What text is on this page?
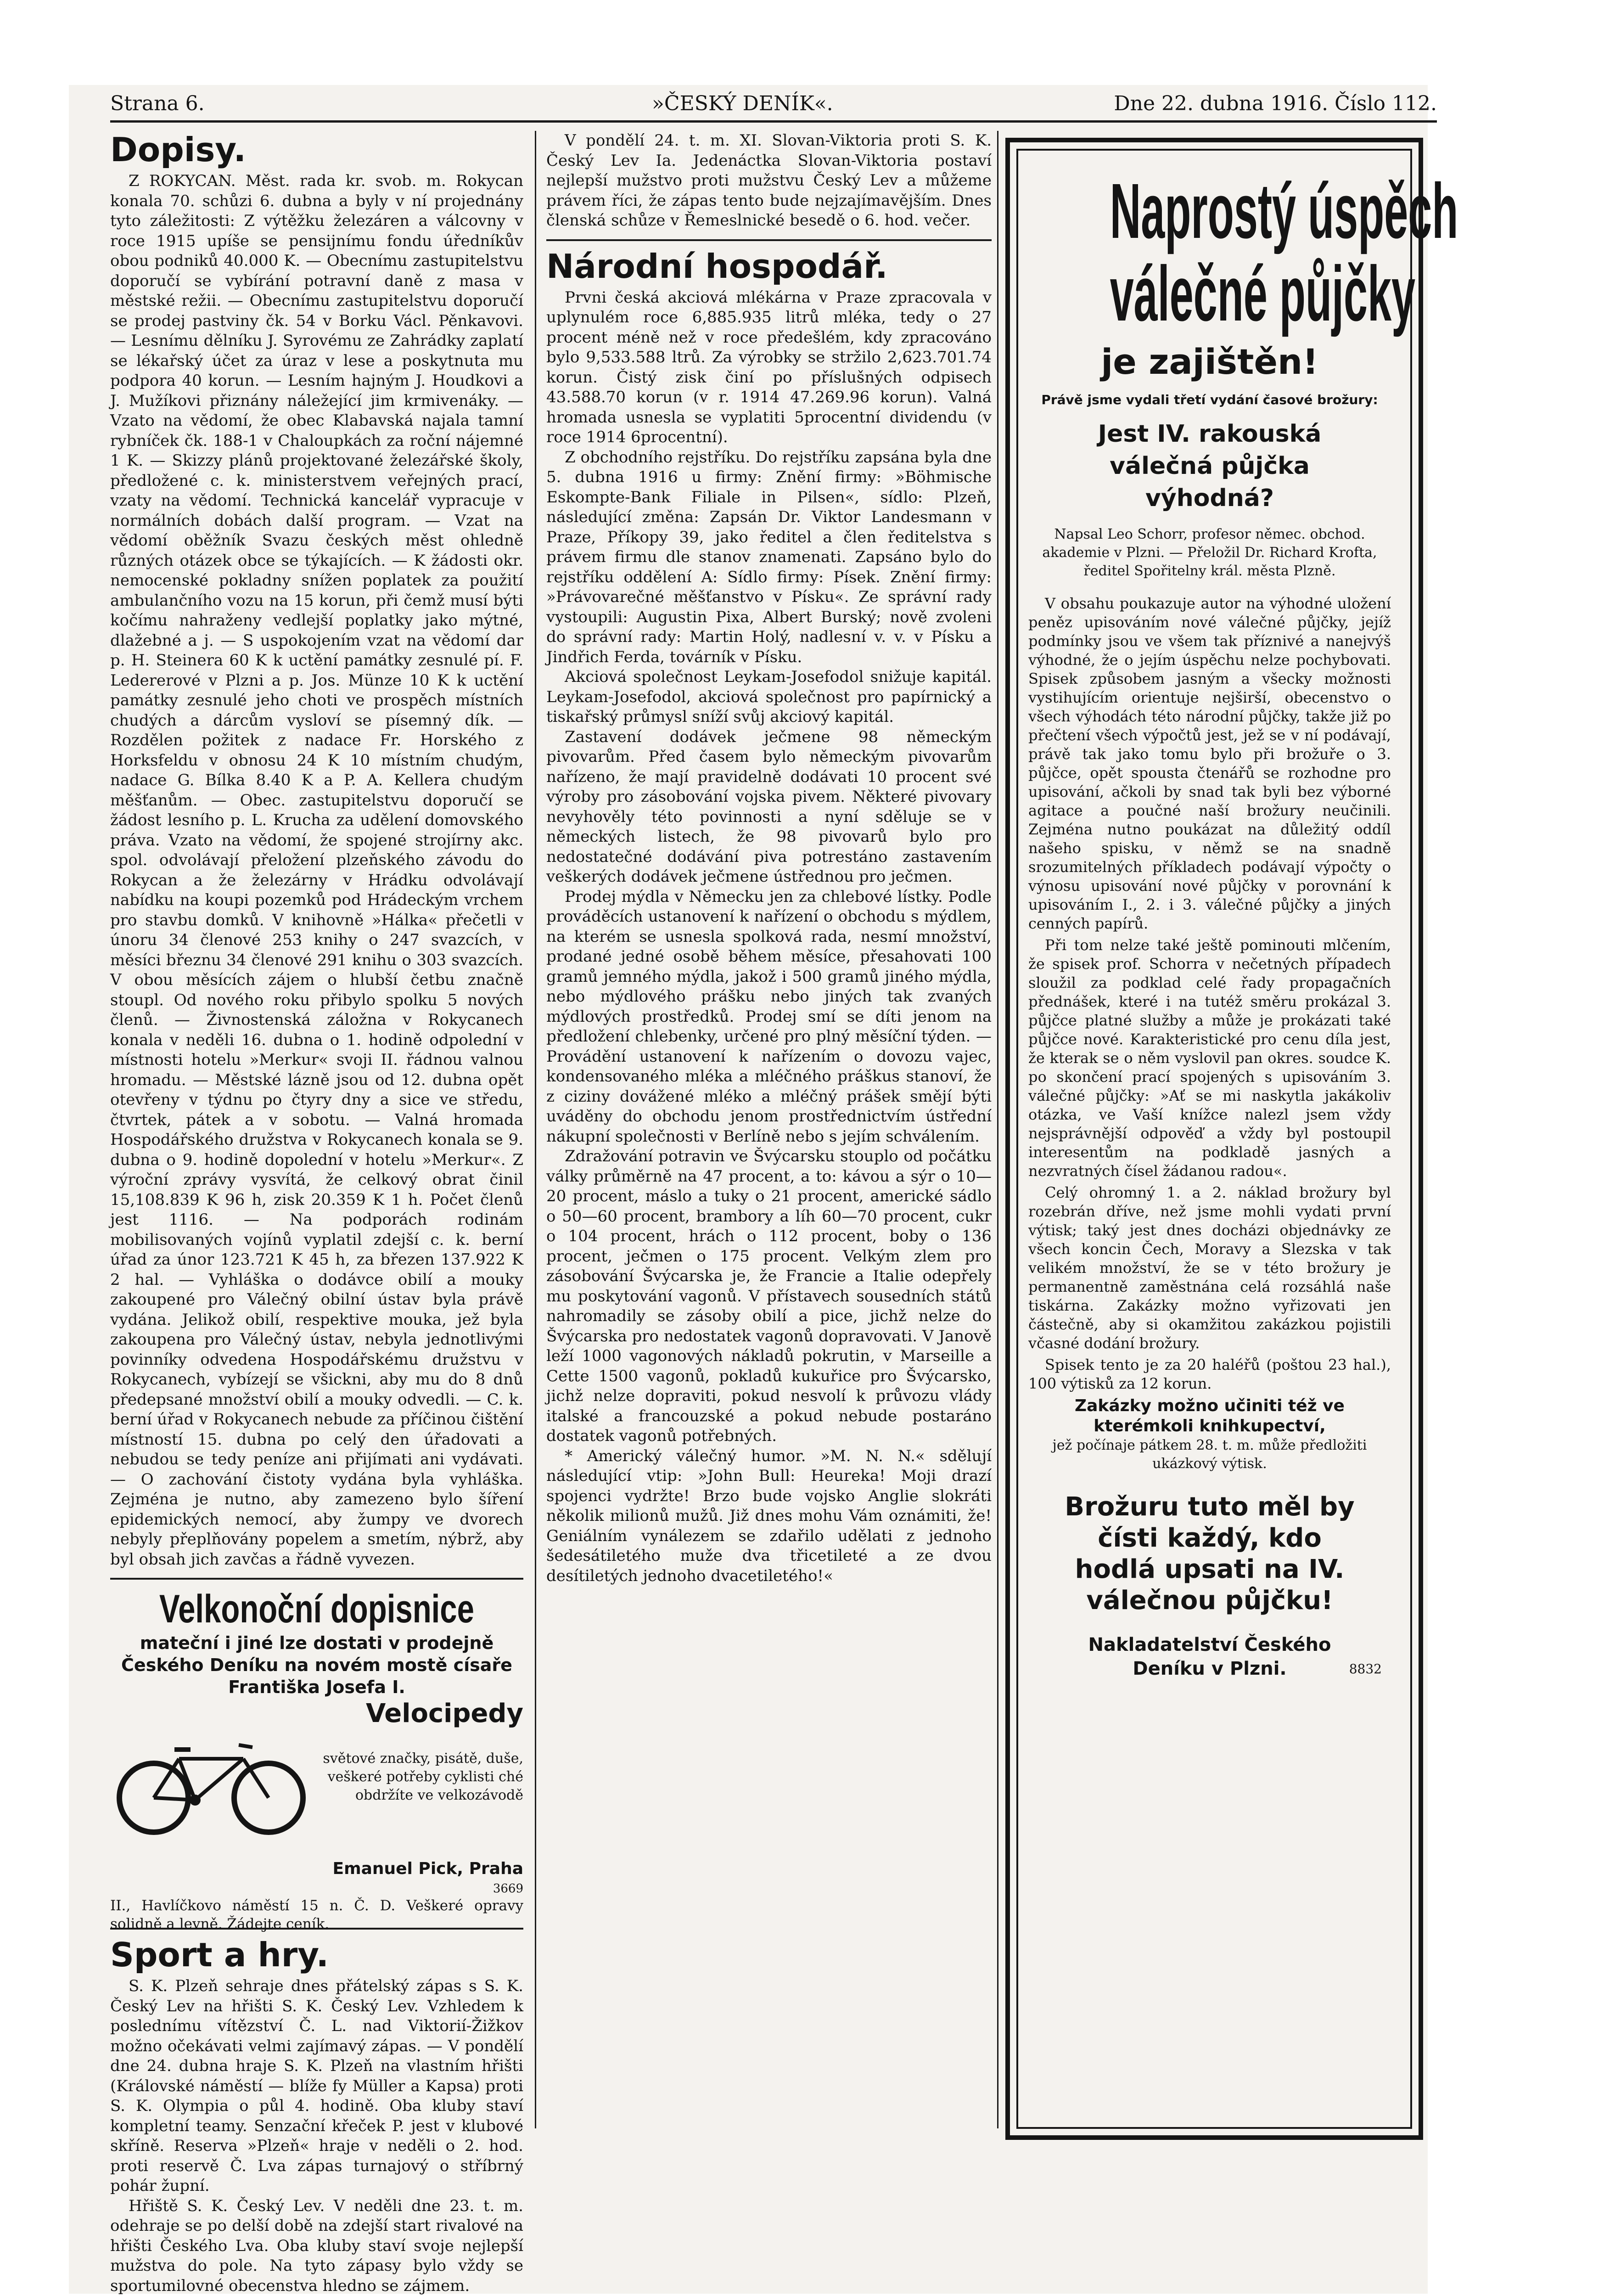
Strana 6.	»ČESKÝ DENÍK«.	Dne 22. dubna 1916. Číslo 112.
Dopisy.

Z ROKYCAN. Měst. rada kr. svob. m. Rokycan konala 70. schůzi 6. dubna a byly v ní projednány tyto záležitosti: Z výtěžku železáren a válcovny v roce 1915 upíše se pensijnímu fondu úředníkův obou podniků 40.000 K. — Obecnímu zastupitelstvu doporučí se vybírání potravní daně z masa v městské režii. — Obecnímu zastupitelstvu doporučí se prodej pastviny čk. 54 v Borku Václ. Pěnkavovi. — Lesnímu dělníku J. Syrovému ze Zahrádky zaplatí se lékařský účet za úraz v lese a poskytnuta mu podpora 40 korun. — Lesním hajným J. Houdkovi a J. Mužíkovi přiznány náležející jim krmivenáky. — Vzato na vědomí, že obec Klabavská najala tamní rybníček čk. 188-1 v Chaloupkách za roční nájemné 1 K. — Skizzy plánů projektované železářské školy, předložené c. k. ministerstvem veřejných prací, vzaty na vědomí. Technická kancelář vypracuje v normálních dobách další program. — Vzat na vědomí oběžník Svazu českých měst ohledně různých otázek obce se týkajících. — K žádosti okr. nemocenské pokladny snížen poplatek za použití ambulančního vozu na 15 korun, při čemž musí býti kočímu nahraženy vedlejší poplatky jako mýtné, dlažebné a j. — S uspokojením vzat na vědomí dar p. H. Steinera 60 K k uctění památky zesnulé pí. F. Ledererové v Plzni a p. Jos. Münze 10 K k uctění památky zesnulé jeho choti ve prospěch místních chudých a dárcům vysloví se písemný dík. — Rozdělen požitek z nadace Fr. Horského z Horksfeldu v obnosu 24 K 10 místním chudým, nadace G. Bílka 8.40 K a P. A. Kellera chudým měšťanům. — Obec. zastupitelstvu doporučí se žádost lesního p. L. Krucha za udělení domovského práva. Vzato na vědomí, že spojené strojírny akc. spol. odvolávají přeložení plzeňského závodu do Rokycan a že železárny v Hrádku odvolávají nabídku na koupi pozemků pod Hrádeckým vrchem pro stavbu domků. V knihovně »Hálka« přečetli v únoru 34 členové 253 knihy o 247 svazcích, v měsíci březnu 34 členové 291 knihu o 303 svazcích. V obou měsících zájem o hlubší četbu značně stoupl. Od nového roku přibylo spolku 5 nových členů. — Živnostenská záložna v Rokycanech konala v neděli 16. dubna o 1. hodině odpolední v místnosti hotelu »Merkur« svoji II. řádnou valnou hromadu. — Městské lázně jsou od 12. dubna opět otevřeny v týdnu po čtyry dny a sice ve středu, čtvrtek, pátek a v sobotu. — Valná hromada Hospodářského družstva v Rokycanech konala se 9. dubna o 9. hodině dopolední v hotelu »Merkur«. Z výroční zprávy vysvítá, že celkový obrat činil 15,108.839 K 96 h, zisk 20.359 K 1 h. Počet členů jest 1116. — Na podporách rodinám mobilisovaných vojínů vyplatil zdejší c. k. berní úřad za únor 123.721 K 45 h, za březen 137.922 K 2 hal. — Vyhláška o dodávce obilí a mouky zakoupené pro Válečný obilní ústav byla právě vydána. Jelikož obilí, respektive mouka, jež byla zakoupena pro Válečný ústav, nebyla jednotlivými povinníky odvedena Hospodářskému družstvu v Rokycanech, vybízejí se všickni, aby mu do 8 dnů předepsané množství obilí a mouky odvedli. — C. k. berní úřad v Rokycanech nebude za příčinou čištění místností 15. dubna po celý den úřadovati a nebudou se tedy peníze ani přijímati ani vydávati. — O zachování čistoty vydána byla vyhláška. Zejména je nutno, aby zamezeno bylo šíření epidemických nemocí, aby žumpy ve dvorech nebyly přeplňovány popelem a smetím, nýbrž, aby byl obsah jich zavčas a řádně vyvezen.

Velkonoční dopisnice
mateční i jiné lze dostati v prodejně
Českého Deníku na novém mostě císaře
Františka Josefa I.
Velocipedy
světové značky, pisátě, duše, veškeré potřeby cyklisti ché obdržíte ve velkozávodě

Emanuel Pick, Praha

II., Havlíčkovo náměstí 15 n. Č. D. Veškeré opravy solidně a levně. Žádejte ceník.

3669
Sport a hry.

S. K. Plzeň sehraje dnes přátelský zápas s S. K. Český Lev na hřišti S. K. Český Lev. Vzhledem k poslednímu vítězství Č. L. nad Viktorií-Žižkov možno očekávati velmi zajímavý zápas. — V pondělí dne 24. dubna hraje S. K. Plzeň na vlastním hřišti (Královské náměstí — blíže fy Müller a Kapsa) proti S. K. Olympia o půl 4. hodině. Oba kluby staví kompletní teamy. Senzační křeček P. jest v klubové skříně. Reserva »Plzeň« hraje v neděli o 2. hod. proti reservě Č. Lva zápas turnajový o stříbrný pohár župní.

Hřiště S. K. Český Lev. V neděli dne 23. t. m. odehraje se po delší době na zdejší start rivalové na hřišti Českého Lva. Oba kluby staví svoje nejlepší mužstva do pole. Na tyto zápasy bylo vždy se sportumilovné obecenstva hledno se zájmem.

V pondělí 24. t. m. XI. Slovan-Viktoria proti S. K. Český Lev Ia. Jedenáctka Slovan-Viktoria postaví nejlepší mužstvo proti mužstvu Český Lev a můžeme právem říci, že zápas tento bude nejzajímavějším. Dnes členská schůze v Řemeslnické besedě o 6. hod. večer.

Národní hospodář.

Prvni česká akciová mlékárna v Praze zpracovala v uplynulém roce 6,885.935 litrů mléka, tedy o 27 procent méně než v roce předešlém, kdy zpracováno bylo 9,533.588 ltrů. Za výrobky se stržilo 2,623.701.74 korun. Čistý zisk činí po příslušných odpisech 43.588.70 korun (v r. 1914 47.269.96 korun). Valná hromada usnesla se vyplatiti 5procentní dividendu (v roce 1914 6procentní).

Z obchodního rejstříku. Do rejstříku zapsána byla dne 5. dubna 1916 u firmy: Znění firmy: »Böhmische Eskompte-Bank Filiale in Pilsen«, sídlo: Plzeň, následující změna: Zapsán Dr. Viktor Landesmann v Praze, Příkopy 39, jako ředitel a člen ředitelstva s právem firmu dle stanov znamenati. Zapsáno bylo do rejstříku oddělení A: Sídlo firmy: Písek. Znění firmy: »Právovarečné měšťanstvo v Písku«. Ze správní rady vystoupili: Augustin Pixa, Albert Burský; nově zvoleni do správní rady: Martin Holý, nadlesní v. v. v Písku a Jindřich Ferda, továrník v Písku.

Akciová společnost Leykam-Josefodol snižuje kapitál. Leykam-Josefodol, akciová společnost pro papírnický a tiskařský průmysl sníží svůj akciový kapitál.

Zastavení dodávek ječmene 98 německým pivovarům. Před časem bylo německým pivovarům nařízeno, že mají pravidelně dodávati 10 procent své výroby pro zásobování vojska pivem. Některé pivovary nevyhověly této povinnosti a nyní sděluje se v německých listech, že 98 pivovarů bylo pro nedostatečné dodávání piva potrestáno zastavením veškerých dodávek ječmene ústřednou pro ječmen.

Prodej mýdla v Německu jen za chlebové lístky. Podle prováděcích ustanovení k nařízení o obchodu s mýdlem, na kterém se usnesla spolková rada, nesmí množství, prodané jedné osobě během měsíce, přesahovati 100 gramů jemného mýdla, jakož i 500 gramů jiného mýdla, nebo mýdlového prášku nebo jiných tak zvaných mýdlových prostředků. Prodej smí se díti jenom na předložení chlebenky, určené pro plný měsíční týden. — Provádění ustanovení k nařízením o dovozu vajec, kondensovaného mléka a mléčného práškus stanoví, že z ciziny dovážené mléko a mléčný prášek smějí býti uváděny do obchodu jenom prostřednictvím ústřední nákupní společnosti v Berlíně nebo s jejím schválením.

Zdražování potravin ve Švýcarsku stouplo od počátku války průměrně na 47 procent, a to: kávou a sýr o 10—20 procent, máslo a tuky o 21 procent, americké sádlo o 50—60 procent, brambory a líh 60—70 procent, cukr o 104 procent, hrách o 112 procent, boby o 136 procent, ječmen o 175 procent. Velkým zlem pro zásobování Švýcarska je, že Francie a Italie odepřely mu poskytování vagonů. V přístavech sousedních států nahromadily se zásoby obilí a pice, jichž nelze do Švýcarska pro nedostatek vagonů dopravovati. V Janově leží 1000 vagonových nákladů pokrutin, v Marseille a Cette 1500 vagonů, pokladů kukuřice pro Švýcarsko, jichž nelze dopraviti, pokud nesvolí k průvozu vlády italské a francouzské a pokud nebude postaráno dostatek vagonů potřebných.

* Americký válečný humor. »M. N. N.« sdělují následující vtip: »John Bull: Heureka! Moji drazí spojenci vydržte! Brzo bude vojsko Anglie slokráti několik milionů mužů. Již dnes mohu Vám oznámiti, že! Geniálním vynálezem se zdařilo udělati z jednoho šedesátiletého muže dva třicetileté a ze dvou desítiletých jednoho dvacetiletého!«

Naprostý úspěch
válečné půjčky
je zajištěn!
Právě jsme vydali třetí vydání časové brožury:
Jest IV. rakouská
válečná půjčka
výhodná?
Napsal Leo Schorr, profesor němec. obchod. akademie v Plzni. — Přeložil Dr. Richard Krofta, ředitel Spořitelny král. města Plzně.

V obsahu poukazuje autor na výhodné uložení peněz upisováním nové válečné půjčky, jejíž podmínky jsou ve všem tak příznivé a nanejvýš výhodné, že o jejím úspěchu nelze pochybovati. Spisek způsobem jasným a všecky možnosti vystihujícím orientuje nejširší, obecenstvo o všech výhodách této národní půjčky, takže již po přečtení všech výpočtů jest, jež se v ní podávají, právě tak jako tomu bylo při brožuře o 3. půjčce, opět spousta čtenářů se rozhodne pro upisování, ačkoli by snad tak byli bez výborné agitace a poučné naší brožury neučinili. Zejména nutno poukázat na důležitý oddíl našeho spisku, v němž se na snadně srozumitelných příkladech podávají výpočty o výnosu upisování nové půjčky v porovnání k upisováním I., 2. i 3. válečné půjčky a jiných cenných papírů.

Při tom nelze také ještě pominouti mlčením, že spisek prof. Schorra v nečetných případech sloužil za podklad celé řady propagačních přednášek, které i na tutéž směru prokázal 3. půjčce platné služby a může je prokázati také půjčce nové. Karakteristické pro cenu díla jest, že kterak se o něm vyslovil pan okres. soudce K. po skončení prací spojených s upisováním 3. válečné půjčky: »Ať se mi naskytla jakákoliv otázka, ve Vaší knížce nalezl jsem vždy nejsprávnější odpověď a vždy byl postoupil interesentům na podkladě jasných a nezvratných čísel žádanou radou«.

Celý ohromný 1. a 2. náklad brožury byl rozebrán dříve, než jsme mohli vydati první výtisk; taký jest dnes docházi objednávky ze všech koncin Čech, Moravy a Slezska v tak velikém množství, že se v této brožury je permanentně zaměstnána celá rozsáhlá naše tiskárna. Zakázky možno vyřizovati jen částečně, aby si okamžitou zakázkou pojistili včasné dodání brožury.

Spisek tento je za 20 haléřů (poštou 23 hal.), 100 výtisků za 12 korun.

Zakázky možno učiniti též ve kterémkoli knihkupectví,
jež počínaje pátkem 28. t. m. může předložiti ukázkový výtisk.
Brožuru tuto měl by
čísti každý, kdo
hodlá upsati na IV.
válečnou půjčku!
Nakladatelství Českého
Deníku v Plzni.	8832
